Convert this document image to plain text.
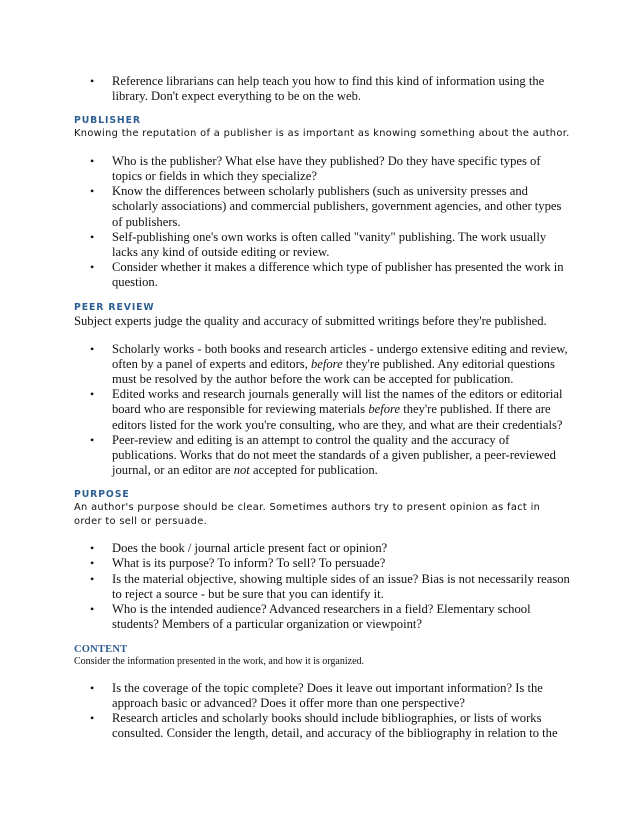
• Reference librarians can help teach you how to find this kind of information using the library. Don't expect everything to be on the web.
PUBLISHER

Knowing the reputation of a publisher is as important as knowing something about the author.

• Who is the publisher? What else have they published? Do they have specific types of topics or fields in which they specialize?
• Know the differences between scholarly publishers (such as university presses and scholarly associations) and commercial publishers, government agencies, and other types of publishers.
• Self-publishing one's own works is often called "vanity" publishing. The work usually lacks any kind of outside editing or review.
• Consider whether it makes a difference which type of publisher has presented the work in question.
PEER REVIEW

Subject experts judge the quality and accuracy of submitted writings before they're published.

• Scholarly works - both books and research articles - undergo extensive editing and review, often by a panel of experts and editors, before they're published. Any editorial questions must be resolved by the author before the work can be accepted for publication.
• Edited works and research journals generally will list the names of the editors or editorial board who are responsible for reviewing materials before they're published. If there are editors listed for the work you're consulting, who are they, and what are their credentials?
• Peer-review and editing is an attempt to control the quality and the accuracy of publications. Works that do not meet the standards of a given publisher, a peer-reviewed journal, or an editor are not accepted for publication.
PURPOSE

An author's purpose should be clear. Sometimes authors try to present opinion as fact in order to sell or persuade.

• Does the book / journal article present fact or opinion?
• What is its purpose? To inform? To sell? To persuade?
• Is the material objective, showing multiple sides of an issue? Bias is not necessarily reason to reject a source - but be sure that you can identify it.
• Who is the intended audience? Advanced researchers in a field? Elementary school students? Members of a particular organization or viewpoint?
CONTENT

Consider the information presented in the work, and how it is organized.

• Is the coverage of the topic complete? Does it leave out important information? Is the approach basic or advanced? Does it offer more than one perspective?
• Research articles and scholarly books should include bibliographies, or lists of works consulted. Consider the length, detail, and accuracy of the bibliography in relation to the
